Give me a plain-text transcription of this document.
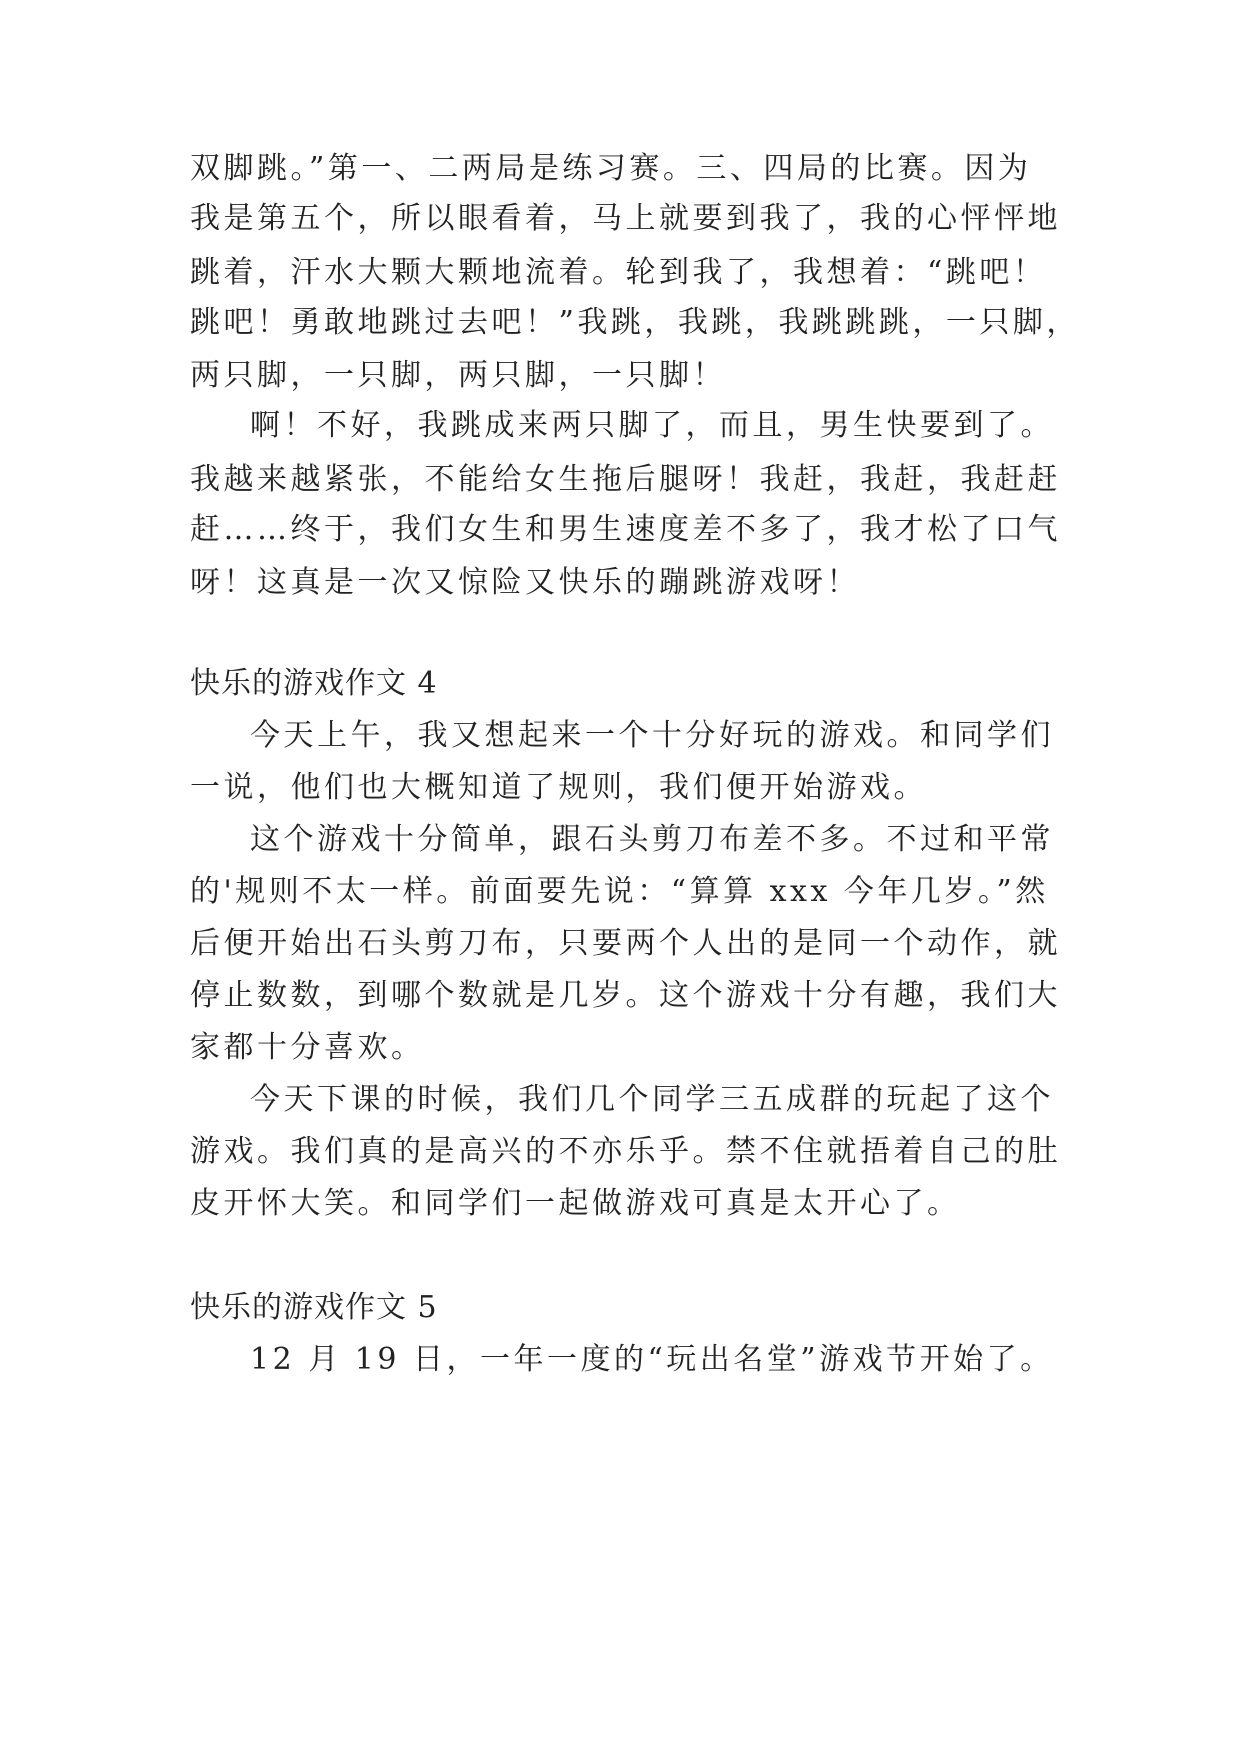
双脚跳。”第一、二两局是练习赛。三、四局的比赛。因为
我是第五个，所以眼看着，马上就要到我了，我的心怦怦地
跳着，汗水大颗大颗地流着。轮到我了，我想着：“跳吧！
跳吧！勇敢地跳过去吧！”我跳，我跳，我跳跳跳，一只脚，
两只脚，一只脚，两只脚，一只脚！
啊！不好，我跳成来两只脚了，而且，男生快要到了。
我越来越紧张，不能给女生拖后腿呀！我赶，我赶，我赶赶
赶……终于，我们女生和男生速度差不多了，我才松了口气
呀！这真是一次又惊险又快乐的蹦跳游戏呀！
快乐的游戏作文 4
今天上午，我又想起来一个十分好玩的游戏。和同学们
一说，他们也大概知道了规则，我们便开始游戏。
这个游戏十分简单，跟石头剪刀布差不多。不过和平常
的'规则不太一样。前面要先说：“算算 xxx 今年几岁。”然
后便开始出石头剪刀布，只要两个人出的是同一个动作，就
停止数数，到哪个数就是几岁。这个游戏十分有趣，我们大
家都十分喜欢。
今天下课的时候，我们几个同学三五成群的玩起了这个
游戏。我们真的是高兴的不亦乐乎。禁不住就捂着自己的肚
皮开怀大笑。和同学们一起做游戏可真是太开心了。
快乐的游戏作文 5
12 月 19 日，一年一度的“玩出名堂”游戏节开始了。
